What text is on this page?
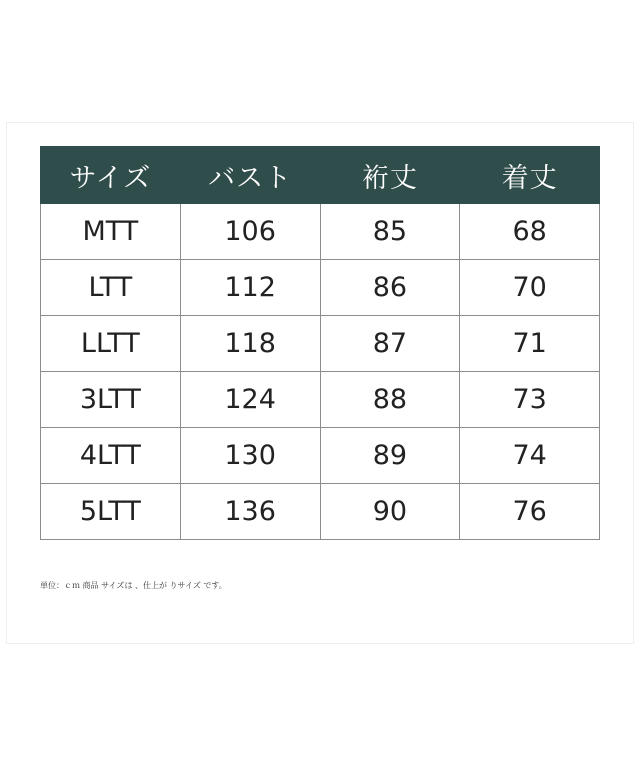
サイズ	バスト	裄丈	着丈
MTT	106	85	68
LTT	112	86	70
LLTT	118	87	71
3LTT	124	88	73
4LTT	130	89	74
5LTT	136	90	76
単位：ｃｍ 商品 サイズは 、仕上が りサイズ です。
